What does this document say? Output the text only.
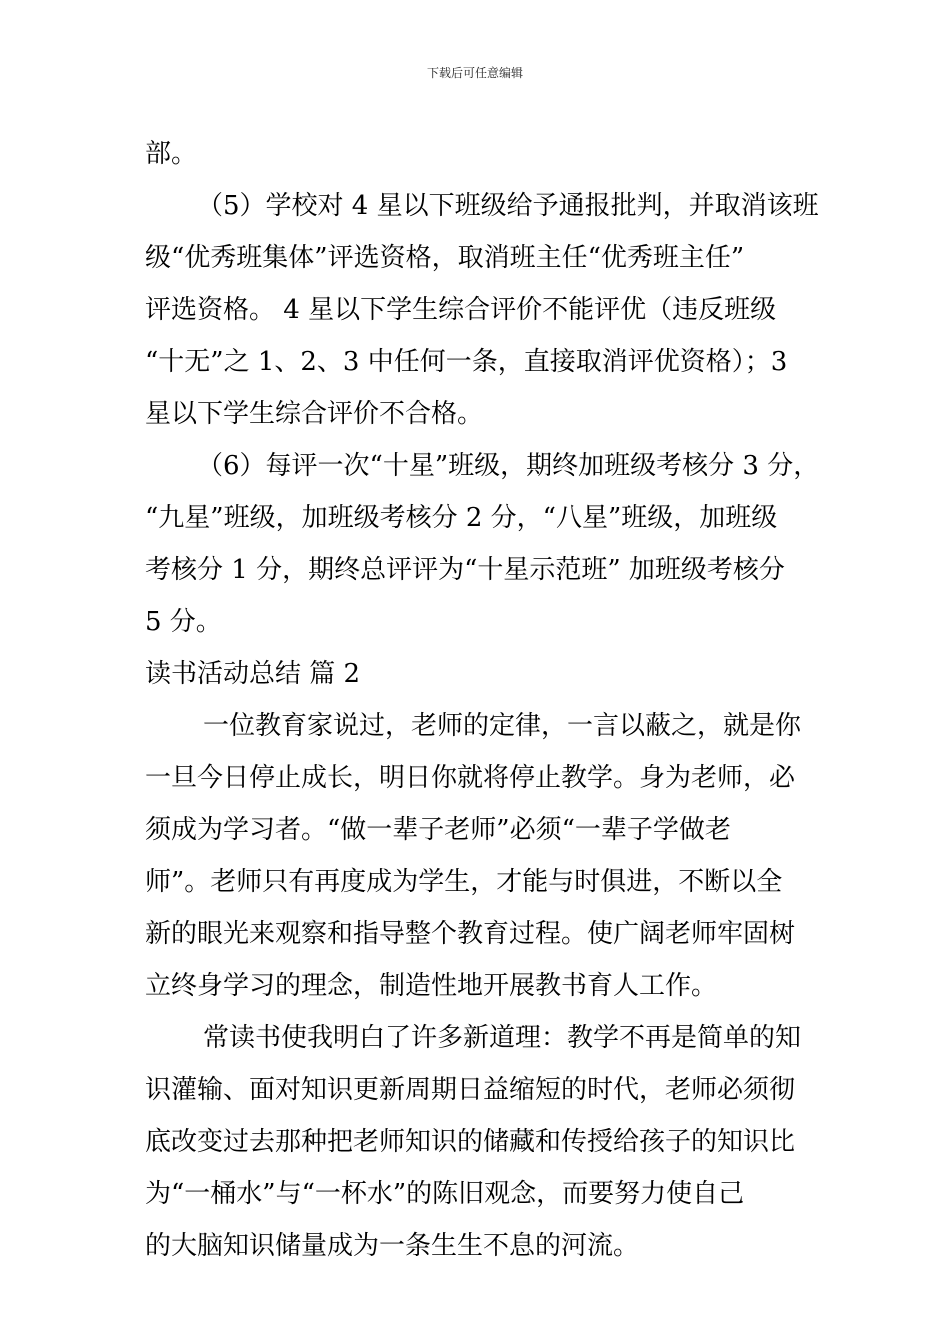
下载后可任意编辑
部。
（5）学校对 4 星以下班级给予通报批判，并取消该班
级“优秀班集体”评选资格，取消班主任“优秀班主任”
评选资格。 4 星以下学生综合评价不能评优（违反班级
“十无”之 1、2、3 中任何一条，直接取消评优资格）；3
星以下学生综合评价不合格。
（6）每评一次“十星”班级，期终加班级考核分 3 分，
“九星”班级，加班级考核分 2 分，“八星”班级，加班级
考核分 1 分，期终总评评为“十星示范班” 加班级考核分
5 分。
读书活动总结 篇 2
一位教育家说过，老师的定律，一言以蔽之，就是你
一旦今日停止成长，明日你就将停止教学。身为老师，必
须成为学习者。“做一辈子老师”必须“一辈子学做老
师”。老师只有再度成为学生，才能与时俱进，不断以全
新的眼光来观察和指导整个教育过程。使广阔老师牢固树
立终身学习的理念，制造性地开展教书育人工作。
常读书使我明白了许多新道理：教学不再是简单的知
识灌输、面对知识更新周期日益缩短的时代，老师必须彻
底改变过去那种把老师知识的储藏和传授给孩子的知识比
为“一桶水”与“一杯水”的陈旧观念，而要努力使自己
的大脑知识储量成为一条生生不息的河流。
